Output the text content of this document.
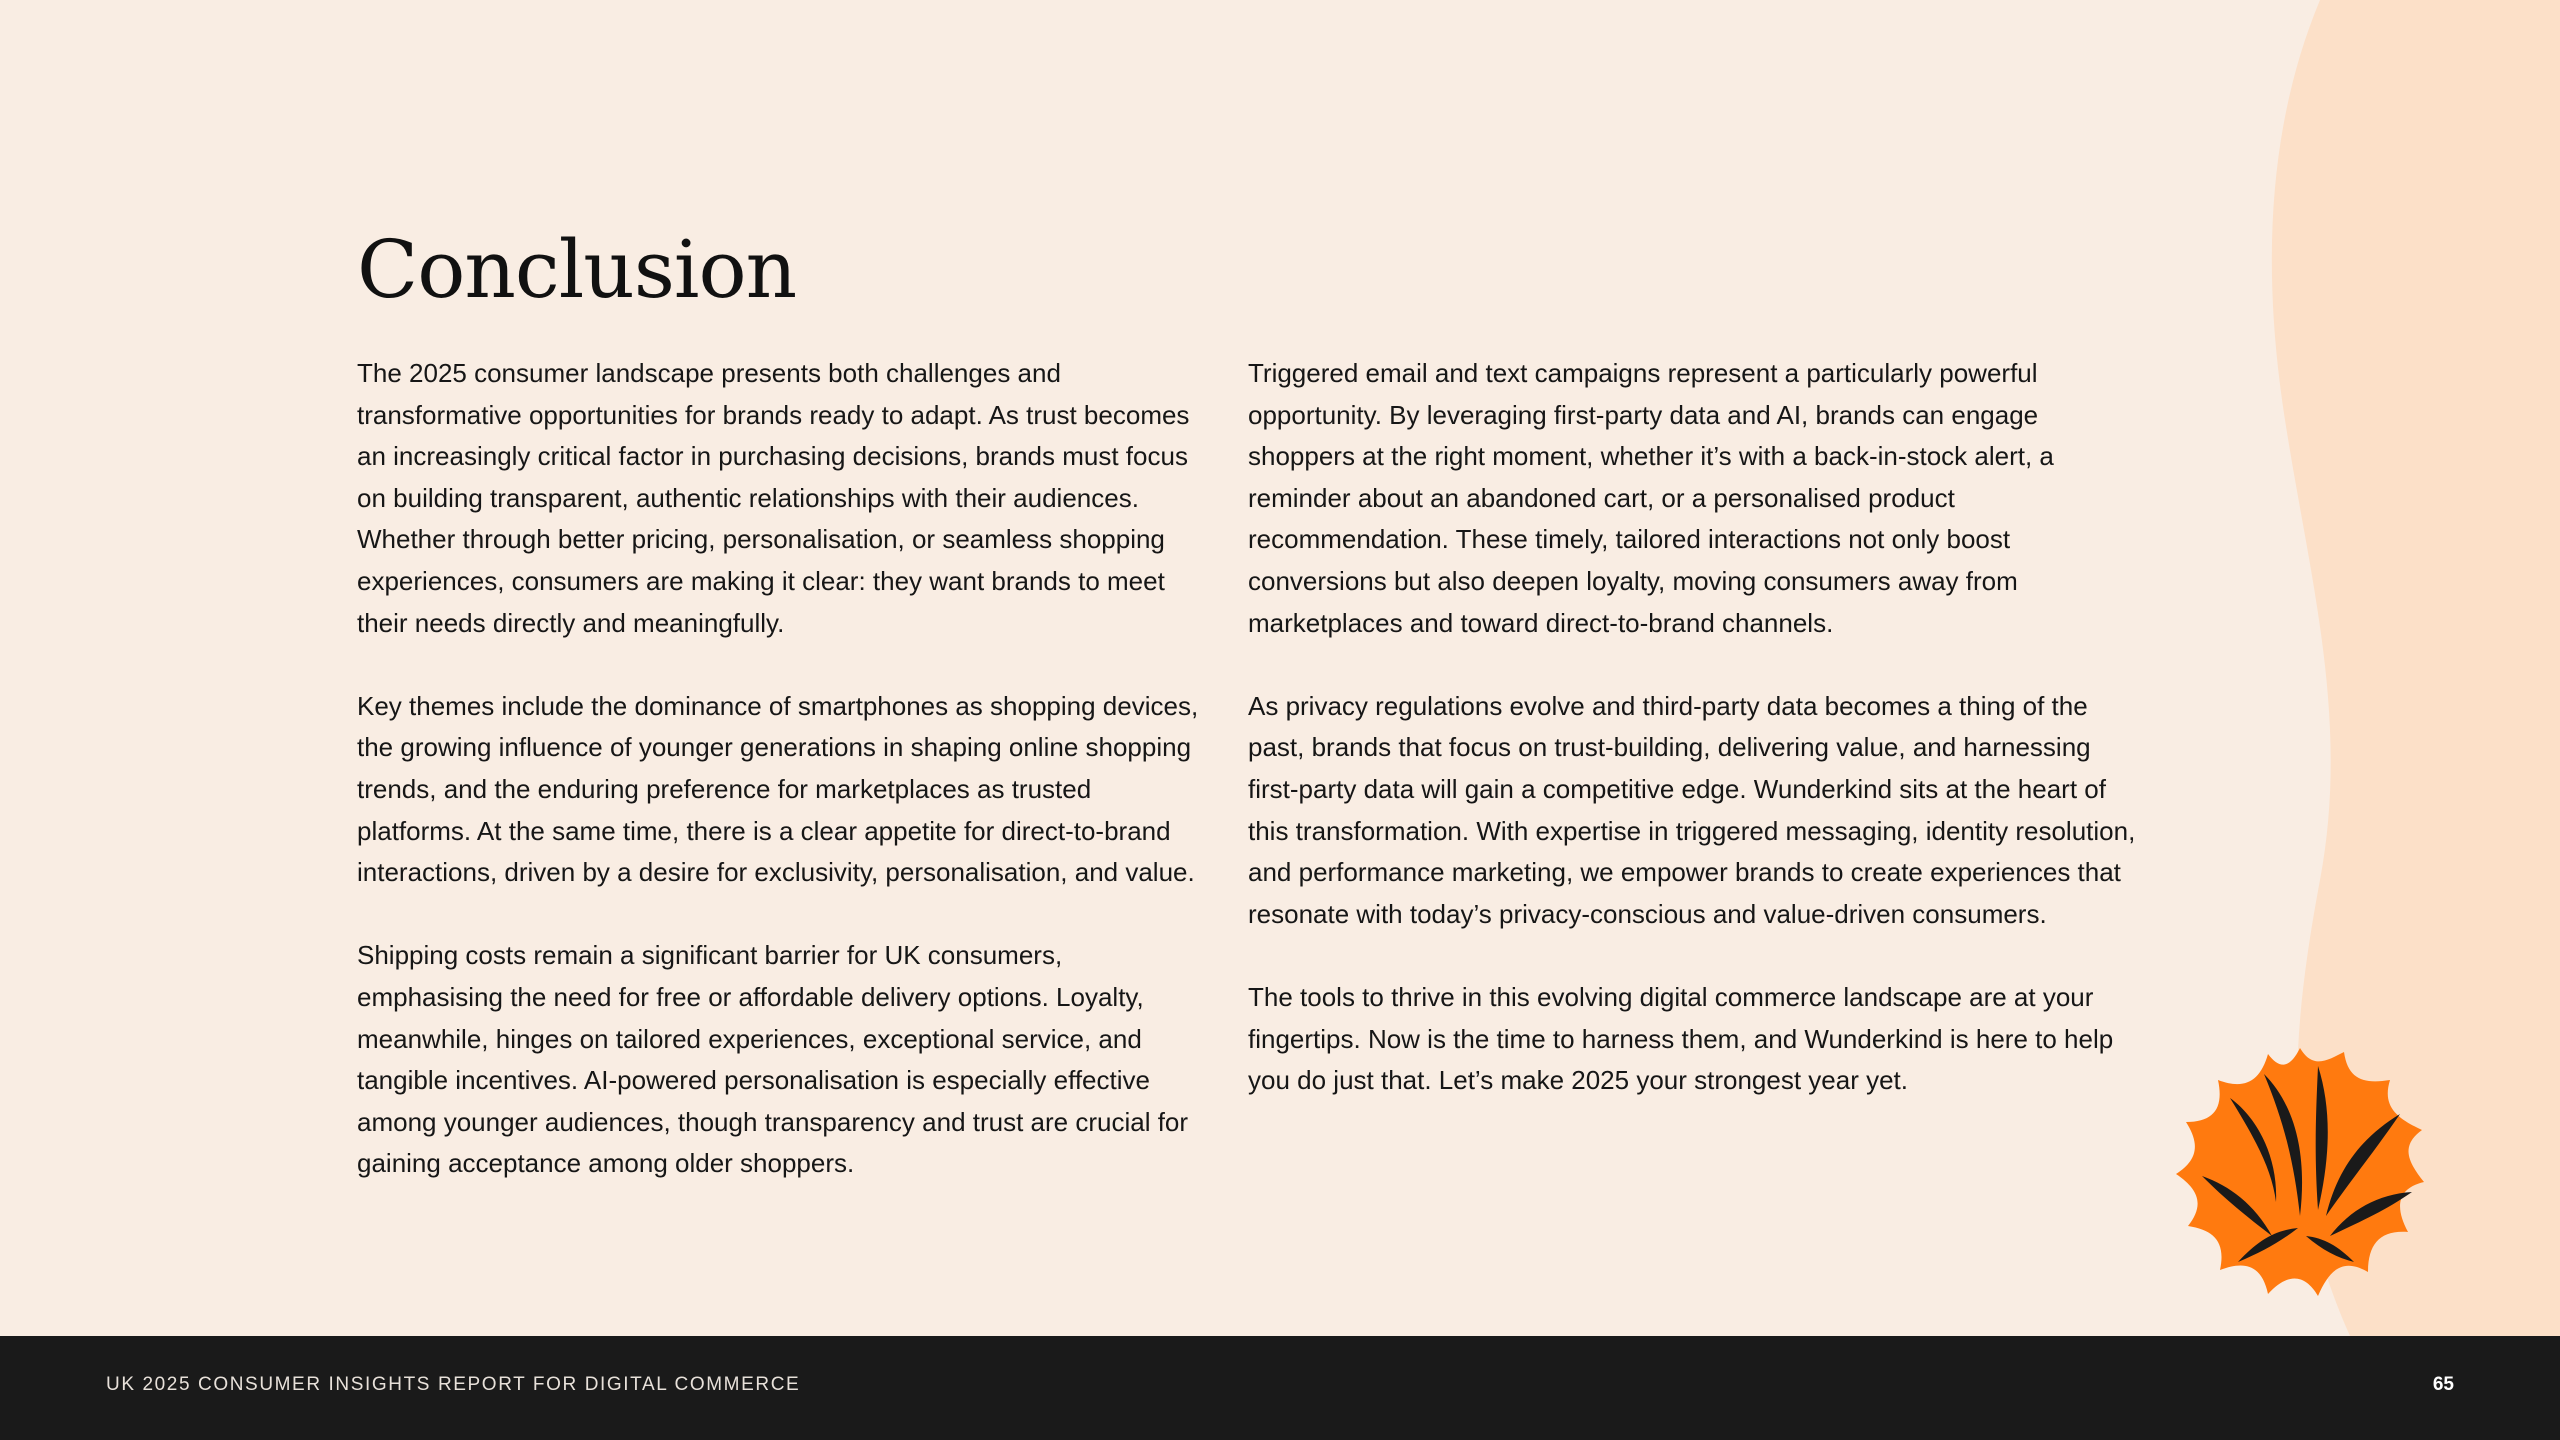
Conclusion

The 2025 consumer landscape presents both challenges and transformative opportunities for brands ready to adapt. As trust becomes an increasingly critical factor in purchasing decisions, brands must focus on building transparent, authentic relationships with their audiences. Whether through better pricing, personalisation, or seamless shopping experiences, consumers are making it clear: they want brands to meet their needs directly and meaningfully.

Key themes include the dominance of smartphones as shopping devices, the growing influence of younger generations in shaping online shopping trends, and the enduring preference for marketplaces as trusted platforms. At the same time, there is a clear appetite for direct-to-brand interactions, driven by a desire for exclusivity, personalisation, and value.

Shipping costs remain a significant barrier for UK consumers, emphasising the need for free or affordable delivery options. Loyalty, meanwhile, hinges on tailored experiences, exceptional service, and tangible incentives. AI-powered personalisation is especially effective among younger audiences, though transparency and trust are crucial for gaining acceptance among older shoppers.

Triggered email and text campaigns represent a particularly powerful opportunity. By leveraging first-party data and AI, brands can engage shoppers at the right moment, whether it’s with a back-in-stock alert, a reminder about an abandoned cart, or a personalised product recommendation. These timely, tailored interactions not only boost conversions but also deepen loyalty, moving consumers away from marketplaces and toward direct-to-brand channels.

As privacy regulations evolve and third-party data becomes a thing of the past, brands that focus on trust-building, delivering value, and harnessing first-party data will gain a competitive edge. Wunderkind sits at the heart of this transformation. With expertise in triggered messaging, identity resolution, and performance marketing, we empower brands to create experiences that resonate with today’s privacy-conscious and value-driven consumers.

The tools to thrive in this evolving digital commerce landscape are at your fingertips. Now is the time to harness them, and Wunderkind is here to help you do just that. Let’s make 2025 your strongest year yet.

UK 2025 CONSUMER INSIGHTS REPORT FOR DIGITAL COMMERCE	65
